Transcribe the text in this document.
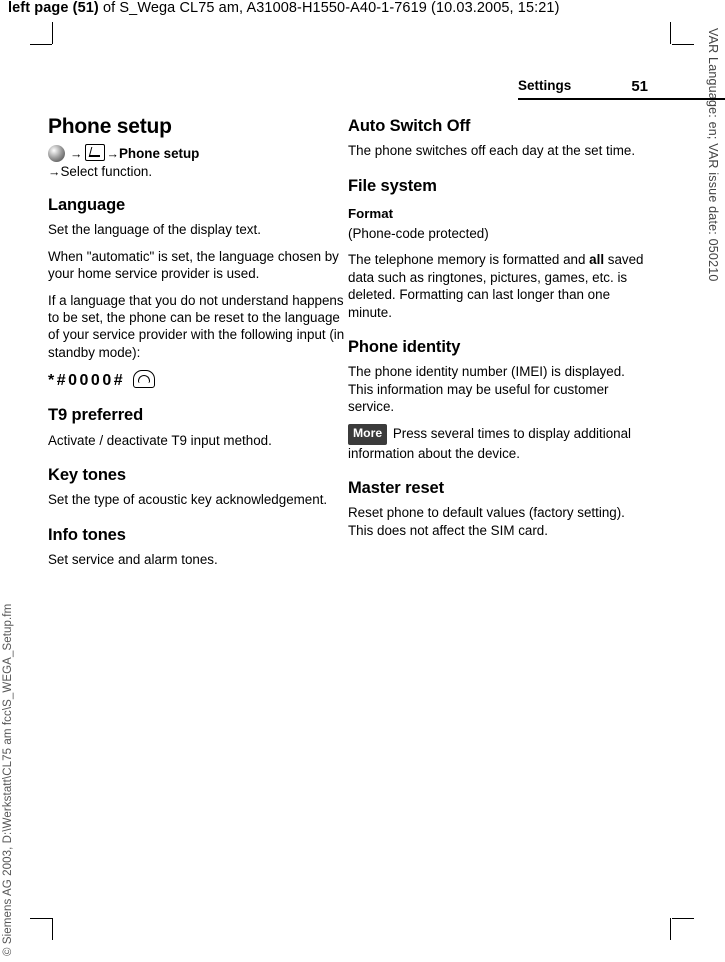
left page (51) of S_Wega CL75 am, A31008-H1550-A40-1-7619 (10.03.2005, 15:21)
VAR Language: en; VAR issue date: 050210
© Siemens AG 2003, D:\Werkstatt\CL75 am fcc\S_WEGA_Setup.fm
Settings	51
Phone setup
→ →Phone setup
→Select function.
Language

Set the language of the display text.

When "automatic" is set, the language chosen by your home service provider is used.

If a language that you do not understand happens to be set, the phone can be reset to the language of your service provider with the following input (in standby mode):

*#0000#
T9 preferred

Activate / deactivate T9 input method.

Key tones

Set the type of acoustic key acknowledgement.

Info tones

Set service and alarm tones.

Auto Switch Off

The phone switches off each day at the set time.

File system
Format

(Phone-code protected)

The telephone memory is formatted and all saved data such as ringtones, pictures, games, etc. is deleted. Formatting can last longer than one minute.

Phone identity

The phone identity number (IMEI) is displayed. This information may be useful for customer service.

More Press several times to display additional information about the device.

Master reset

Reset phone to default values (factory setting). This does not affect the SIM card.
